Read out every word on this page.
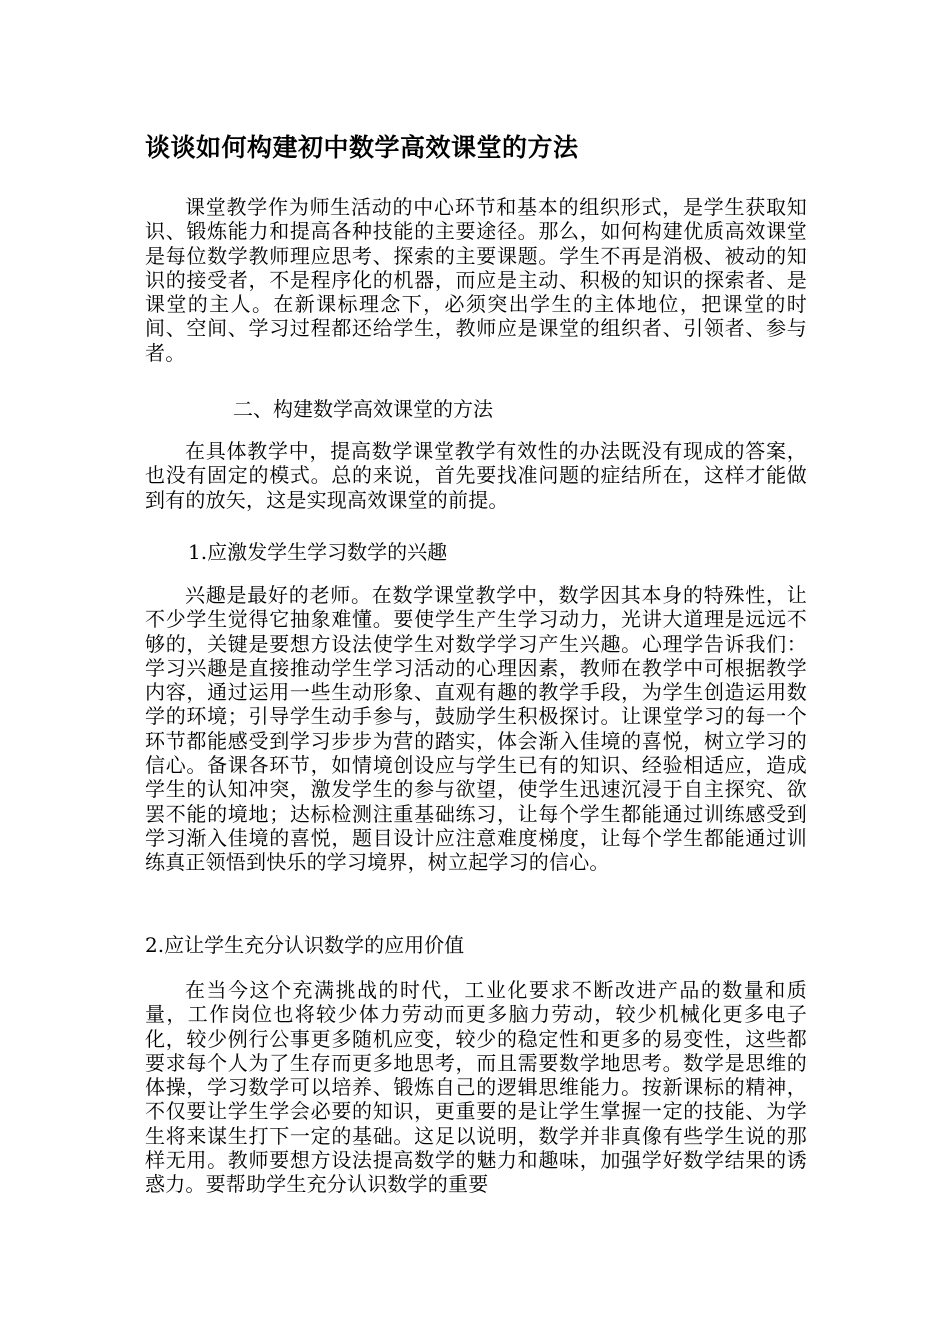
谈谈如何构建初中数学高效课堂的方法

课堂教学作为师生活动的中心环节和基本的组织形式，是学生获取知识、锻炼能力和提高各种技能的主要途径。那么，如何构建优质高效课堂是每位数学教师理应思考、探索的主要课题。学生不再是消极、被动的知识的接受者，不是程序化的机器，而应是主动、积极的知识的探索者、是课堂的主人。在新课标理念下，必须突出学生的主体地位，把课堂的时间、空间、学习过程都还给学生，教师应是课堂的组织者、引领者、参与者。

二、构建数学高效课堂的方法

在具体教学中，提高数学课堂教学有效性的办法既没有现成的答案，也没有固定的模式。总的来说，首先要找准问题的症结所在，这样才能做到有的放矢，这是实现高效课堂的前提。

1.应激发学生学习数学的兴趣

兴趣是最好的老师。在数学课堂教学中，数学因其本身的特殊性，让不少学生觉得它抽象难懂。要使学生产生学习动力，光讲大道理是远远不够的，关键是要想方设法使学生对数学学习产生兴趣。心理学告诉我们：学习兴趣是直接推动学生学习活动的心理因素，教师在教学中可根据教学内容，通过运用一些生动形象、直观有趣的教学手段，为学生创造运用数学的环境；引导学生动手参与，鼓励学生积极探讨。让课堂学习的每一个环节都能感受到学习步步为营的踏实，体会渐入佳境的喜悦，树立学习的信心。备课各环节，如情境创设应与学生已有的知识、经验相适应，造成学生的认知冲突，激发学生的参与欲望，使学生迅速沉浸于自主探究、欲罢不能的境地；达标检测注重基础练习，让每个学生都能通过训练感受到学习渐入佳境的喜悦，题目设计应注意难度梯度，让每个学生都能通过训练真正领悟到快乐的学习境界，树立起学习的信心。

2.应让学生充分认识数学的应用价值

在当今这个充满挑战的时代，工业化要求不断改进产品的数量和质量，工作岗位也将较少体力劳动而更多脑力劳动，较少机械化更多电子化，较少例行公事更多随机应变，较少的稳定性和更多的易变性，这些都要求每个人为了生存而更多地思考，而且需要数学地思考。数学是思维的体操，学习数学可以培养、锻炼自己的逻辑思维能力。按新课标的精神，不仅要让学生学会必要的知识，更重要的是让学生掌握一定的技能、为学生将来谋生打下一定的基础。这足以说明，数学并非真像有些学生说的那样无用。教师要想方设法提高数学的魅力和趣味，加强学好数学结果的诱惑力。要帮助学生充分认识数学的重要
